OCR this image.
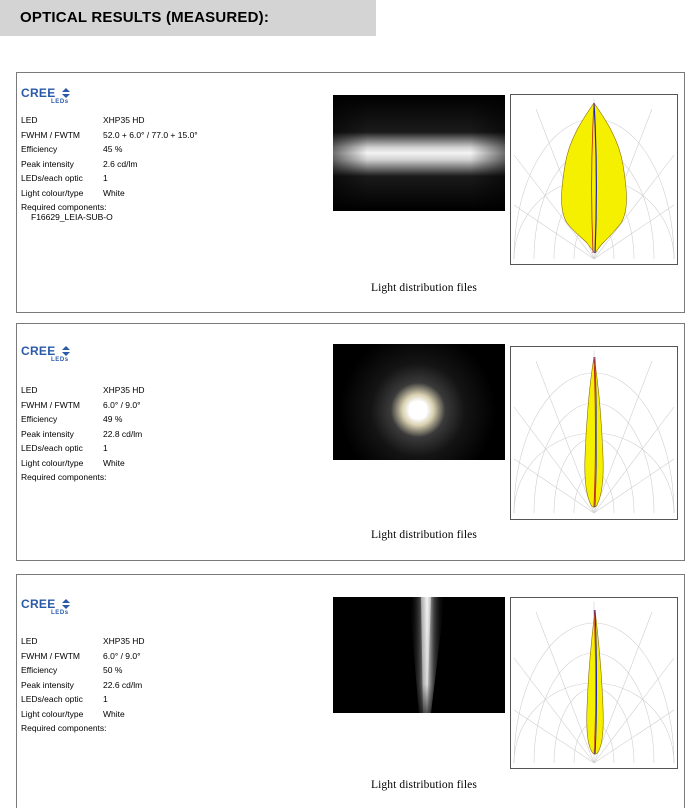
OPTICAL RESULTS (MEASURED):
CREE
LEDs
LED	XHP35 HD
FWHM / FWTM	52.0 + 6.0° / 77.0 + 15.0°
Efficiency	45 %
Peak intensity	2.6 cd/lm
LEDs/each optic 1
Light colour/type White
Required components:
F16629_LEIA-SUB-O
Light distribution files
CREE
LEDs
LED	XHP35 HD
FWHM / FWTM	6.0° / 9.0°
Efficiency	49 %
Peak intensity	22.8 cd/lm
LEDs/each optic 1
Light colour/type White
Required components:
Light distribution files
CREE
LEDs
LED	XHP35 HD
FWHM / FWTM	6.0° / 9.0°
Efficiency	50 %
Peak intensity	22.6 cd/lm
LEDs/each optic 1
Light colour/type White
Required components:
Light distribution files
